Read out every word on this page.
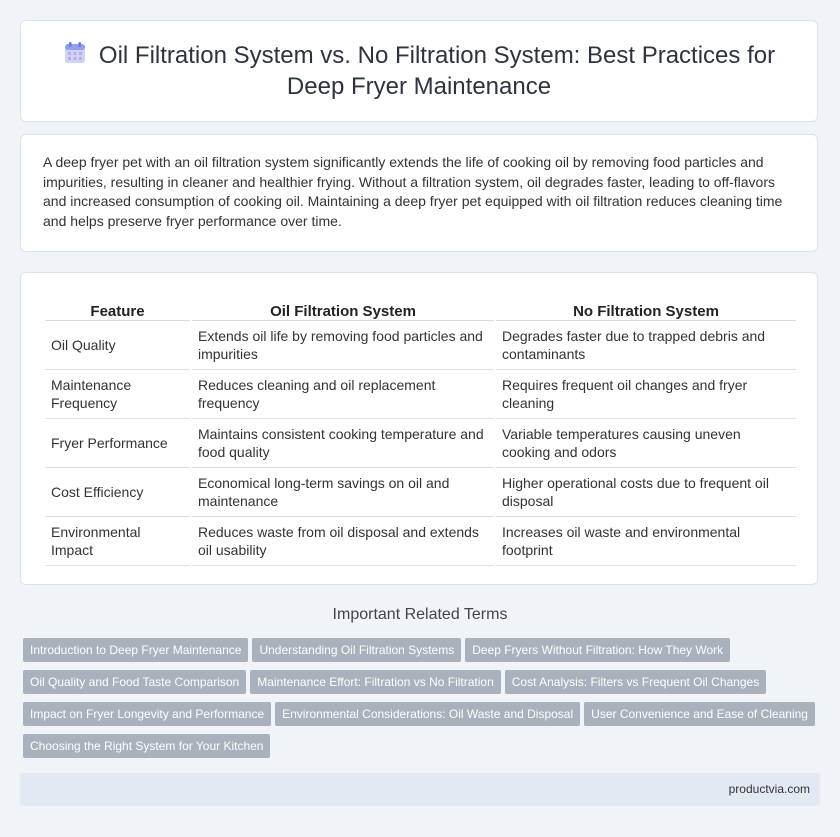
Oil Filtration System vs. No Filtration System: Best Practices for Deep Fryer Maintenance

A deep fryer pet with an oil filtration system significantly extends the life of cooking oil by removing food particles and impurities, resulting in cleaner and healthier frying. Without a filtration system, oil degrades faster, leading to off-flavors and increased consumption of cooking oil. Maintaining a deep fryer pet equipped with oil filtration reduces cleaning time and helps preserve fryer performance over time.

Feature	Oil Filtration System	No Filtration System
Oil Quality	Extends oil life by removing food particles and impurities	Degrades faster due to trapped debris and contaminants
Maintenance Frequency	Reduces cleaning and oil replacement frequency	Requires frequent oil changes and fryer cleaning
Fryer Performance	Maintains consistent cooking temperature and food quality	Variable temperatures causing uneven cooking and odors
Cost Efficiency	Economical long-term savings on oil and maintenance	Higher operational costs due to frequent oil disposal
Environmental Impact	Reduces waste from oil disposal and extends oil usability	Increases oil waste and environmental footprint
Important Related Terms
Introduction to Deep Fryer Maintenance Understanding Oil Filtration Systems Deep Fryers Without Filtration: How They Work
Oil Quality and Food Taste Comparison Maintenance Effort: Filtration vs No Filtration Cost Analysis: Filters vs Frequent Oil Changes
Impact on Fryer Longevity and Performance Environmental Considerations: Oil Waste and Disposal User Convenience and Ease of Cleaning
Choosing the Right System for Your Kitchen
productvia.com
